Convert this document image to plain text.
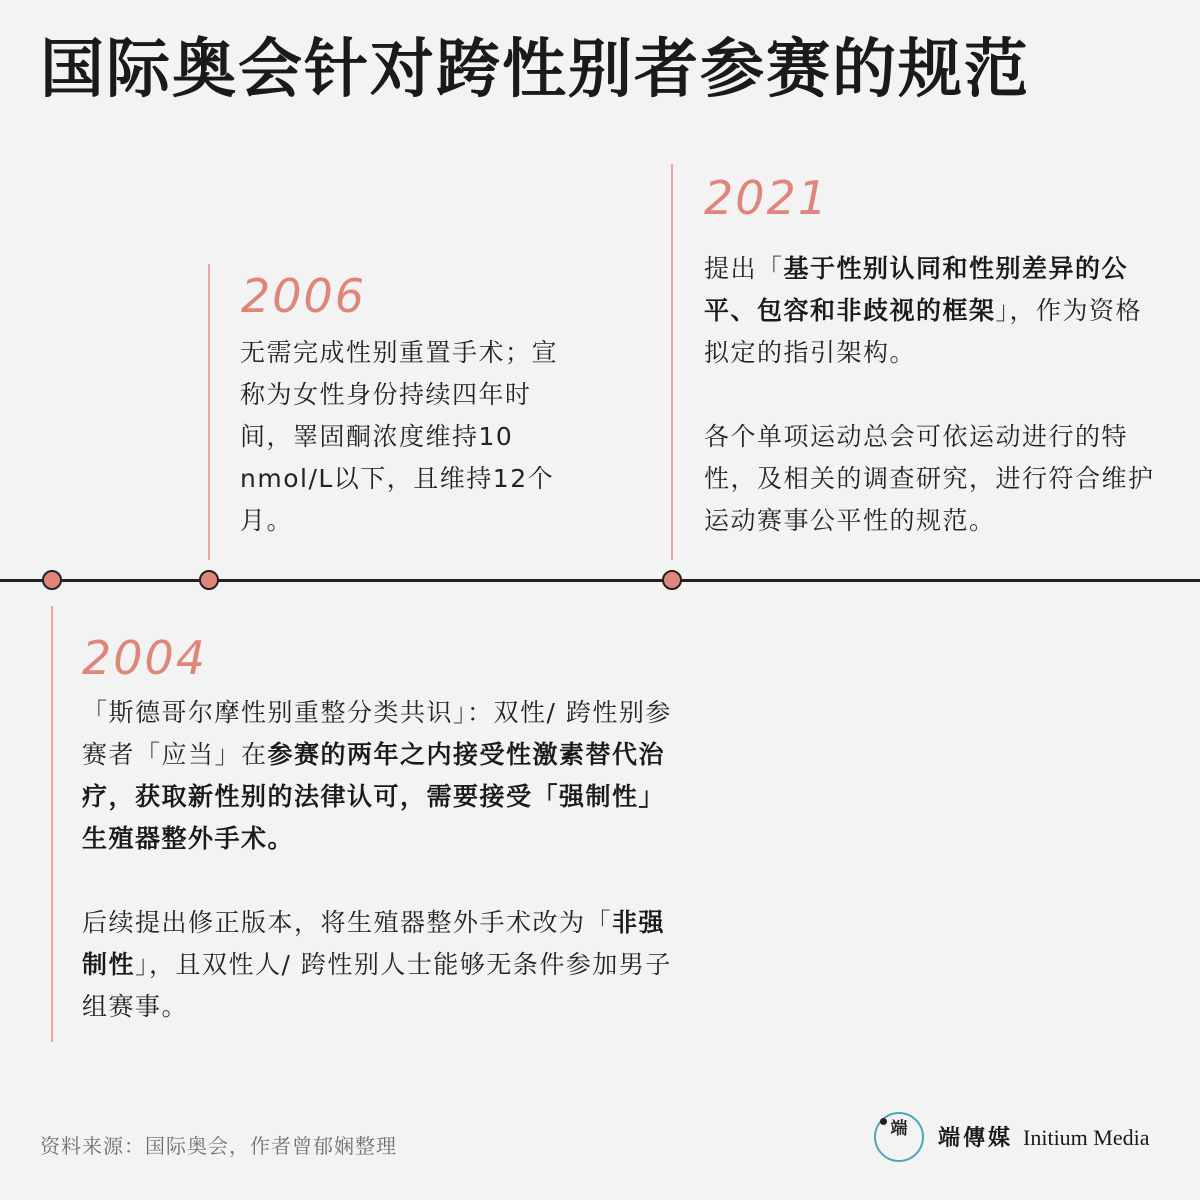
国际奥会针对跨性别者参赛的规范
2021

提出「基于性别认同和性别差异的公平、包容和非歧视的框架」，作为资格拟定的指引架构。

各个单项运动总会可依运动进行的特性，及相关的调查研究，进行符合维护运动赛事公平性的规范。

2006

无需完成性别重置手术；宣称为女性身份持续四年时间，睪固酮浓度维持10 nmol/L以下，且维持12个月。

2004

「斯德哥尔摩性别重整分类共识」：双性/ 跨性别参赛者「应当」在参赛的两年之内接受性激素替代治疗，获取新性别的法律认可，需要接受「强制性」生殖器整外手术。

后续提出修正版本，将生殖器整外手术改为「非强制性」，且双性人/ 跨性别人士能够无条件参加男子组赛事。

资料来源：国际奥会，作者曾郁娴整理
端	端傳媒 Initium Media
